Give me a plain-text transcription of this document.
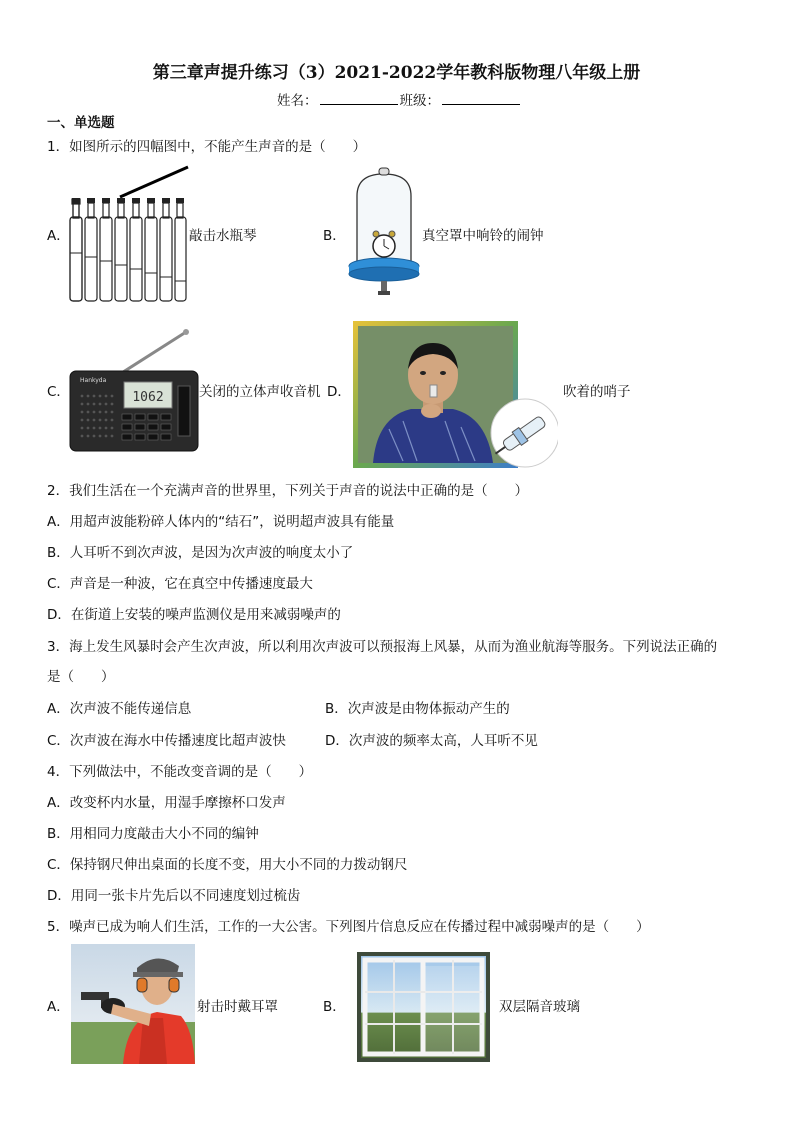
第三章声提升练习（3）2021-2022学年教科版物理八年级上册
姓名：	班级：
一、单选题
1．如图所示的四幅图中，不能产生声音的是（　　）
A．	敲击水瓶琴	B．	真空罩中响铃的闹钟
C．
Hankyda
1062	关闭的立体声收音机 D．	吹着的哨子
2．我们生活在一个充满声音的世界里，下列关于声音的说法中正确的是（　　）
A．用超声波能粉碎人体内的“结石”，说明超声波具有能量
B．人耳听不到次声波，是因为次声波的响度太小了
C．声音是一种波，它在真空中传播速度最大
D．在街道上安装的噪声监测仪是用来减弱噪声的
3．海上发生风暴时会产生次声波，所以利用次声波可以预报海上风暴，从而为渔业航海等服务。下列说法正确的
是（　　）
A．次声波不能传递信息	B．次声波是由物体振动产生的
C．次声波在海水中传播速度比超声波快	D．次声波的频率太高，人耳听不见
4．下列做法中，不能改变音调的是（　　）
A．改变杯内水量，用湿手摩擦杯口发声
B．用相同力度敲击大小不同的编钟
C．保持钢尺伸出桌面的长度不变，用大小不同的力拨动钢尺
D．用同一张卡片先后以不同速度划过梳齿
5．噪声已成为响人们生活，工作的一大公害。下列图片信息反应在传播过程中减弱噪声的是（　　）
A．	射击时戴耳罩	B．	双层隔音玻璃
